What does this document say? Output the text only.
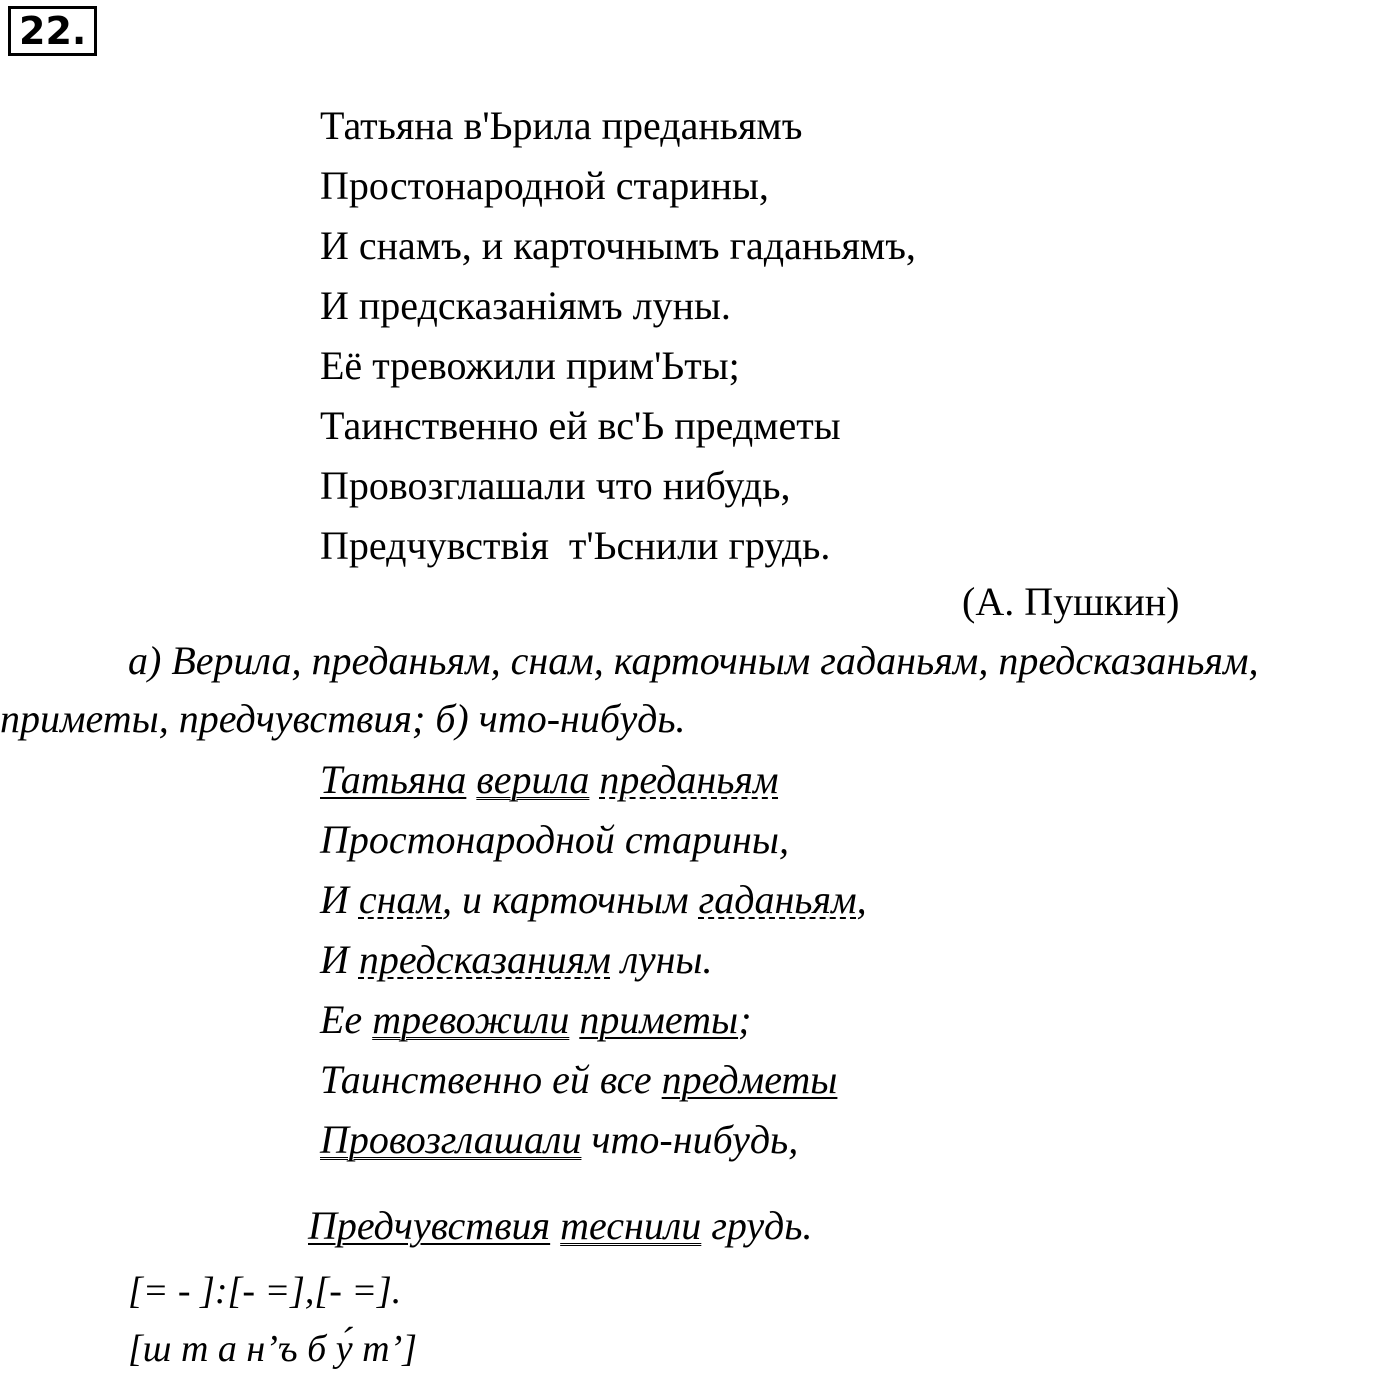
22.
Татьяна в'Ьрила преданьямъ
Простонародной старины,
И снамъ, и карточнымъ гаданьямъ,
И предсказаніямъ луны.
Её тревожили прим'Ьты;
Таинственно ей вс'Ь предметы
Провозглашали что нибудь,
Предчувствія  т'Ьснили грудь.
(А. Пушкин)

а) Верила, преданьям, снам, карточным гаданьям, предсказаньям,
приметы, предчувствия; б) что-нибудь.

Татьяна верила преданьям
Простонародной старины,
И снам, и карточным гаданьям,
И предсказаниям луны.
Ее тревожили приметы;
Таинственно ей все предметы
Провозглашали что-нибудь,
Предчувствия теснили грудь.

[= - ]:[- =],[- =].
[ш т а н’ъ б у́ т’]
